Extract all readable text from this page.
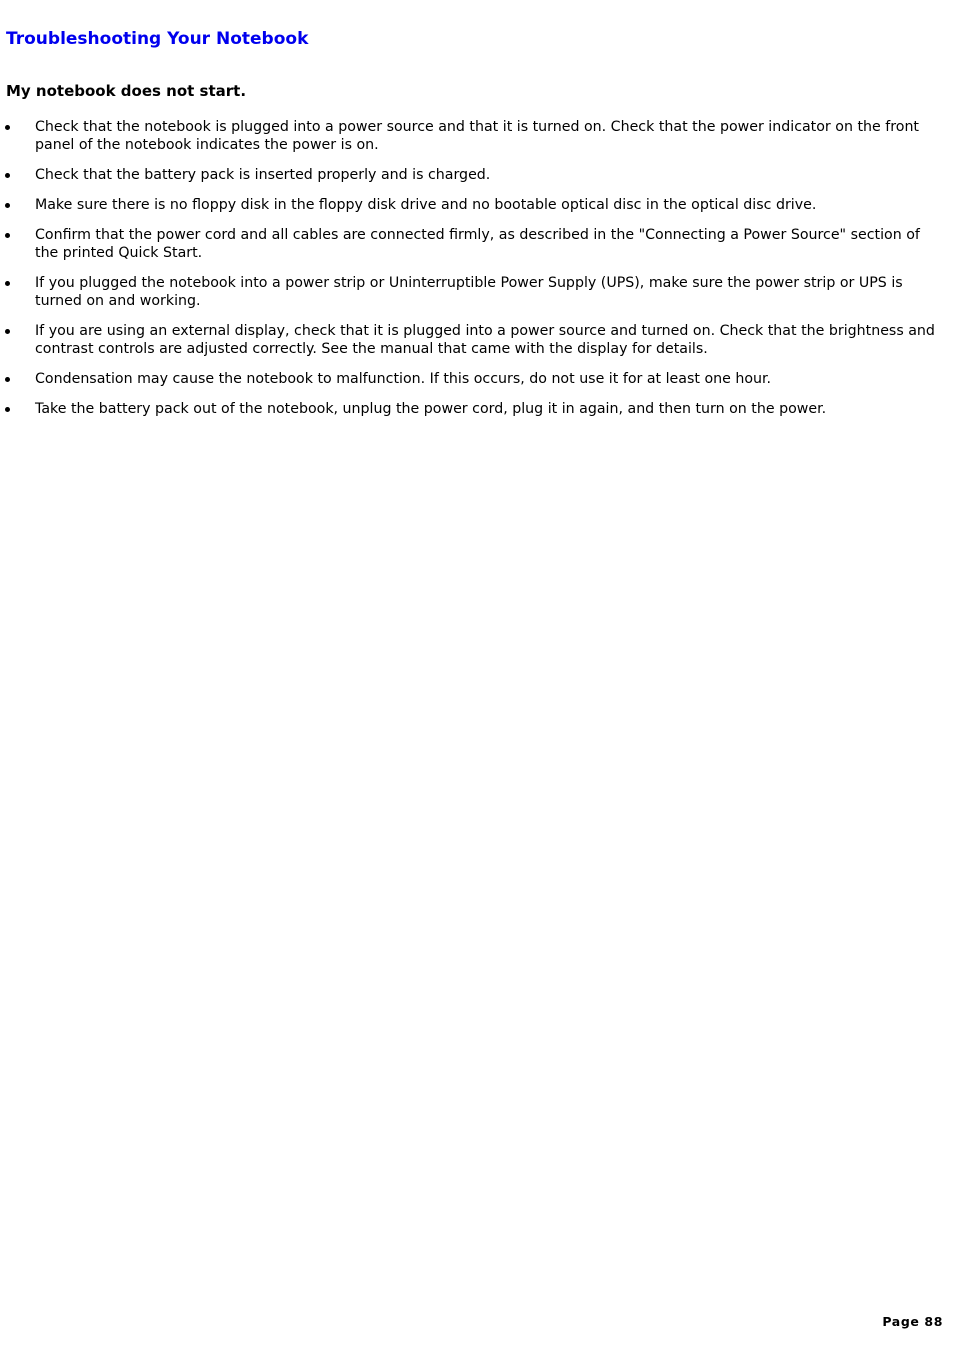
Troubleshooting Your Notebook
My notebook does not start.
Check that the notebook is plugged into a power source and that it is turned on. Check that the power indicator on the front panel of the notebook indicates the power is on.
Check that the battery pack is inserted properly and is charged.
Make sure there is no floppy disk in the floppy disk drive and no bootable optical disc in the optical disc drive.
Confirm that the power cord and all cables are connected firmly, as described in the "Connecting a Power Source" section of the printed Quick Start.
If you plugged the notebook into a power strip or Uninterruptible Power Supply (UPS), make sure the power strip or UPS is turned on and working.
If you are using an external display, check that it is plugged into a power source and turned on. Check that the brightness and contrast controls are adjusted correctly. See the manual that came with the display for details.
Condensation may cause the notebook to malfunction. If this occurs, do not use it for at least one hour.
Take the battery pack out of the notebook, unplug the power cord, plug it in again, and then turn on the power.
Page 88
